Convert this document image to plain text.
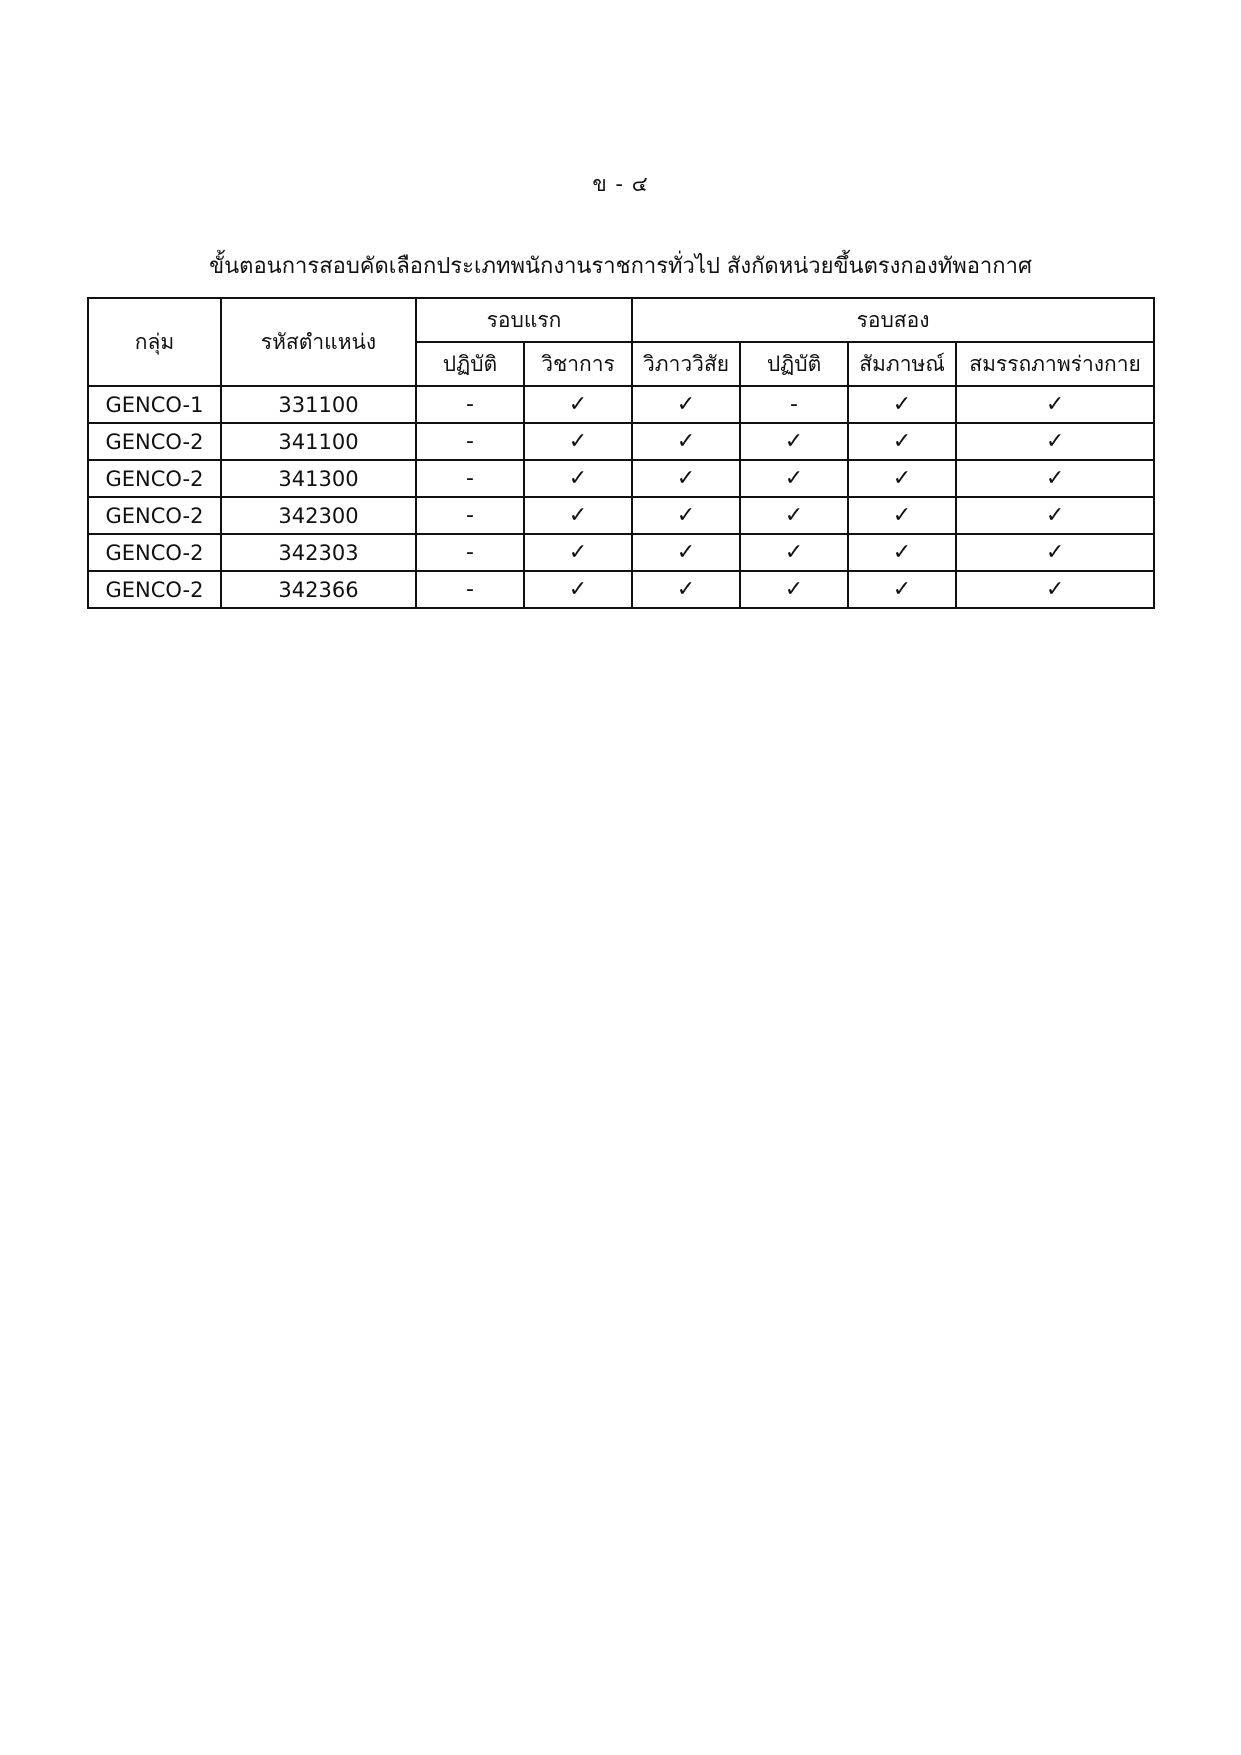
ข - ๔
ขั้นตอนการสอบคัดเลือกประเภทพนักงานราชการทั่วไป สังกัดหน่วยขึ้นตรงกองทัพอากาศ
กลุ่ม	รหัสตำแหน่ง	รอบแรก		รอบสอง			
		ปฏิบัติ	วิชาการ	วิภาววิสัย	ปฏิบัติ	สัมภาษณ์	สมรรถภาพร่างกาย
GENCO-1	331100	-	✓	✓	-	✓	✓
GENCO-2	341100	-	✓	✓	✓	✓	✓
GENCO-2	341300	-	✓	✓	✓	✓	✓
GENCO-2	342300	-	✓	✓	✓	✓	✓
GENCO-2	342303	-	✓	✓	✓	✓	✓
GENCO-2	342366	-	✓	✓	✓	✓	✓
